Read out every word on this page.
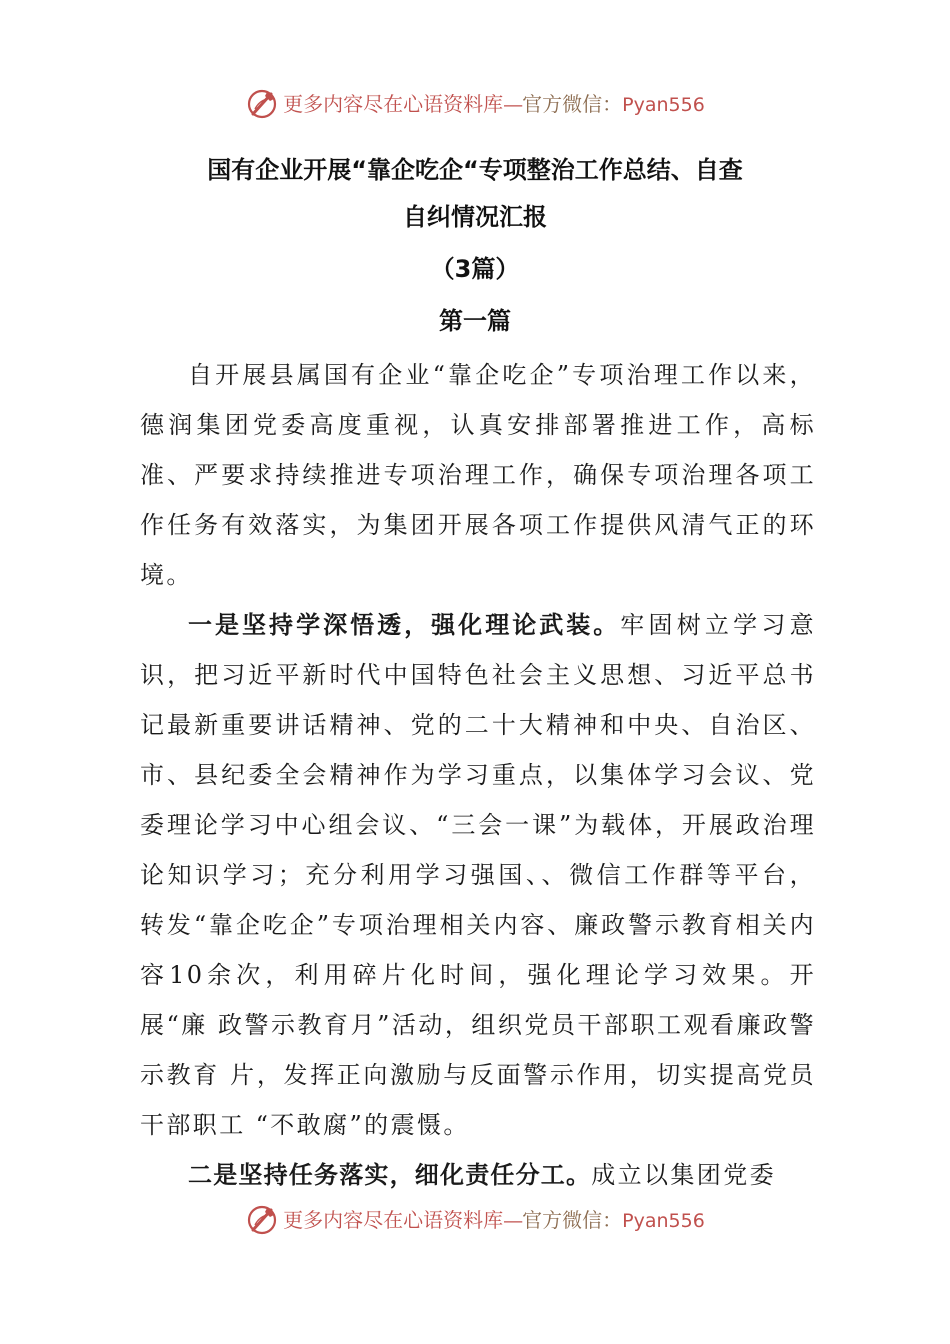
更多内容尽在心语资料库—官方微信：Pyan556
国有企业开展“靠企吃企“专项整治工作总结、自查
自纠情况汇报
（3篇）
第一篇

自开展县属国有企业“靠企吃企”专项治理工作以来，德润集团党委高度重视，认真安排部署推进工作，高标准、严要求持续推进专项治理工作，确保专项治理各项工作任务有效落实，为集团开展各项工作提供风清气正的环境。

一是坚持学深悟透，强化理论武装。牢固树立学习意识，把习近平新时代中国特色社会主义思想、习近平总书记最新重要讲话精神、党的二十大精神和中央、自治区、市、县纪委全会精神作为学习重点，以集体学习会议、党委理论学习中心组会议、“三会一课”为载体，开展政治理论知识学习；充分利用学习强国、、微信工作群等平台， 转发“靠企吃企”专项治理相关内容、廉政警示教育相关内 容10余次，利用碎片化时间，强化理论学习效果。开展“廉 政警示教育月”活动，组织党员干部职工观看廉政警示教育 片，发挥正向激励与反面警示作用，切实提高党员干部职工 “不敢腐”的震慑。

二是坚持任务落实，细化责任分工。成立以集团党委

更多内容尽在心语资料库—官方微信：Pyan556
